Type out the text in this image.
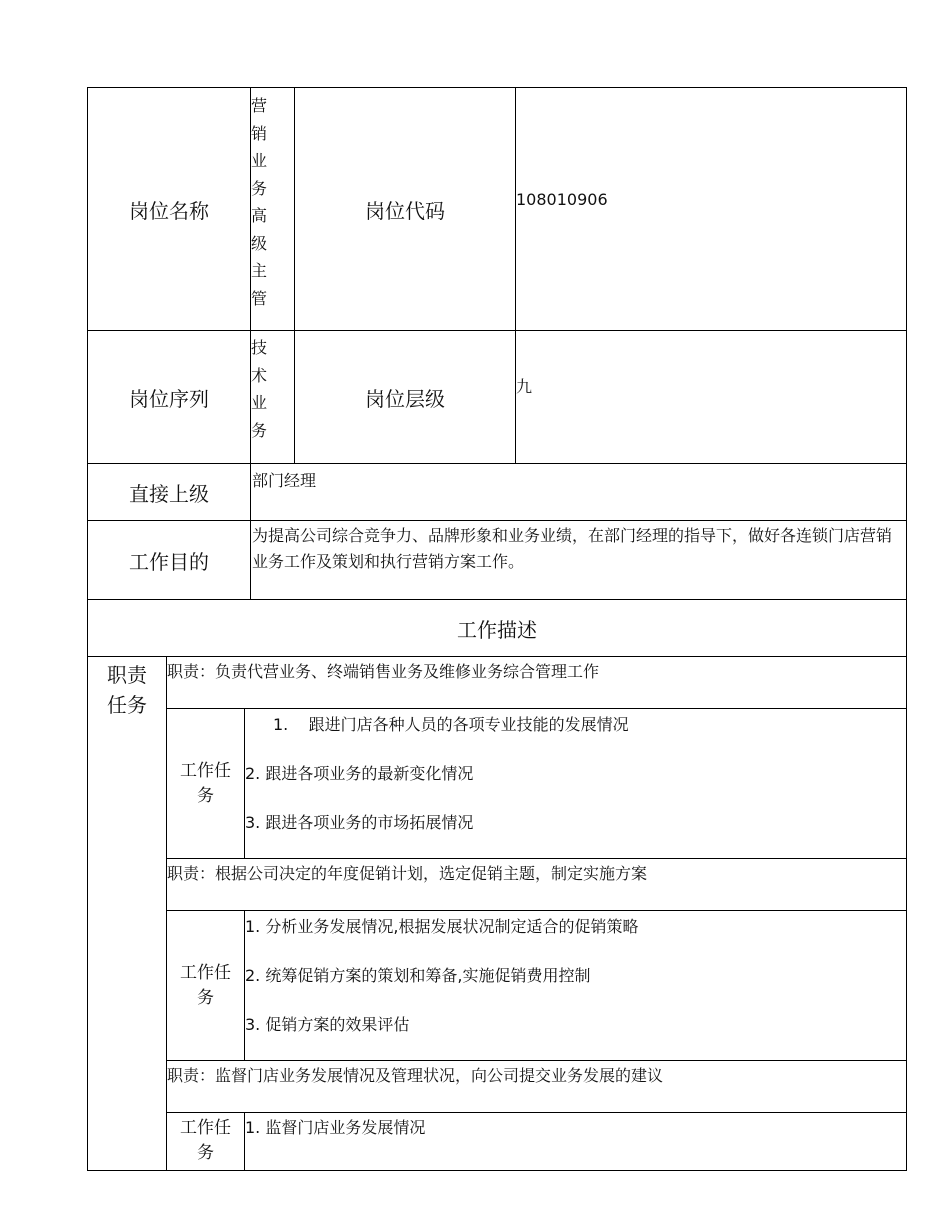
岗位名称
营
销
业
务
高
级
主
管
岗位代码	108010906
岗位序列
技
术
业
务
岗位层级	九
直接上级
部门经理
工作目的
为提高公司综合竞争力、品牌形象和业务业绩，在部门经理的指导下，做好各连锁门店营销业务工作及策划和执行营销方案工作。
工作描述
职责
任务
职责：负责代营业务、终端销售业务及维修业务综合管理工作
工作任务
1.    跟进门店各种人员的各项专业技能的发展情况
2. 跟进各项业务的最新变化情况
3. 跟进各项业务的市场拓展情况
职责：根据公司决定的年度促销计划，选定促销主题，制定实施方案
工作任务
1. 分析业务发展情况,根据发展状况制定适合的促销策略
2. 统筹促销方案的策划和筹备,实施促销费用控制
3. 促销方案的效果评估
职责：监督门店业务发展情况及管理状况，向公司提交业务发展的建议
工作任务
1. 监督门店业务发展情况
